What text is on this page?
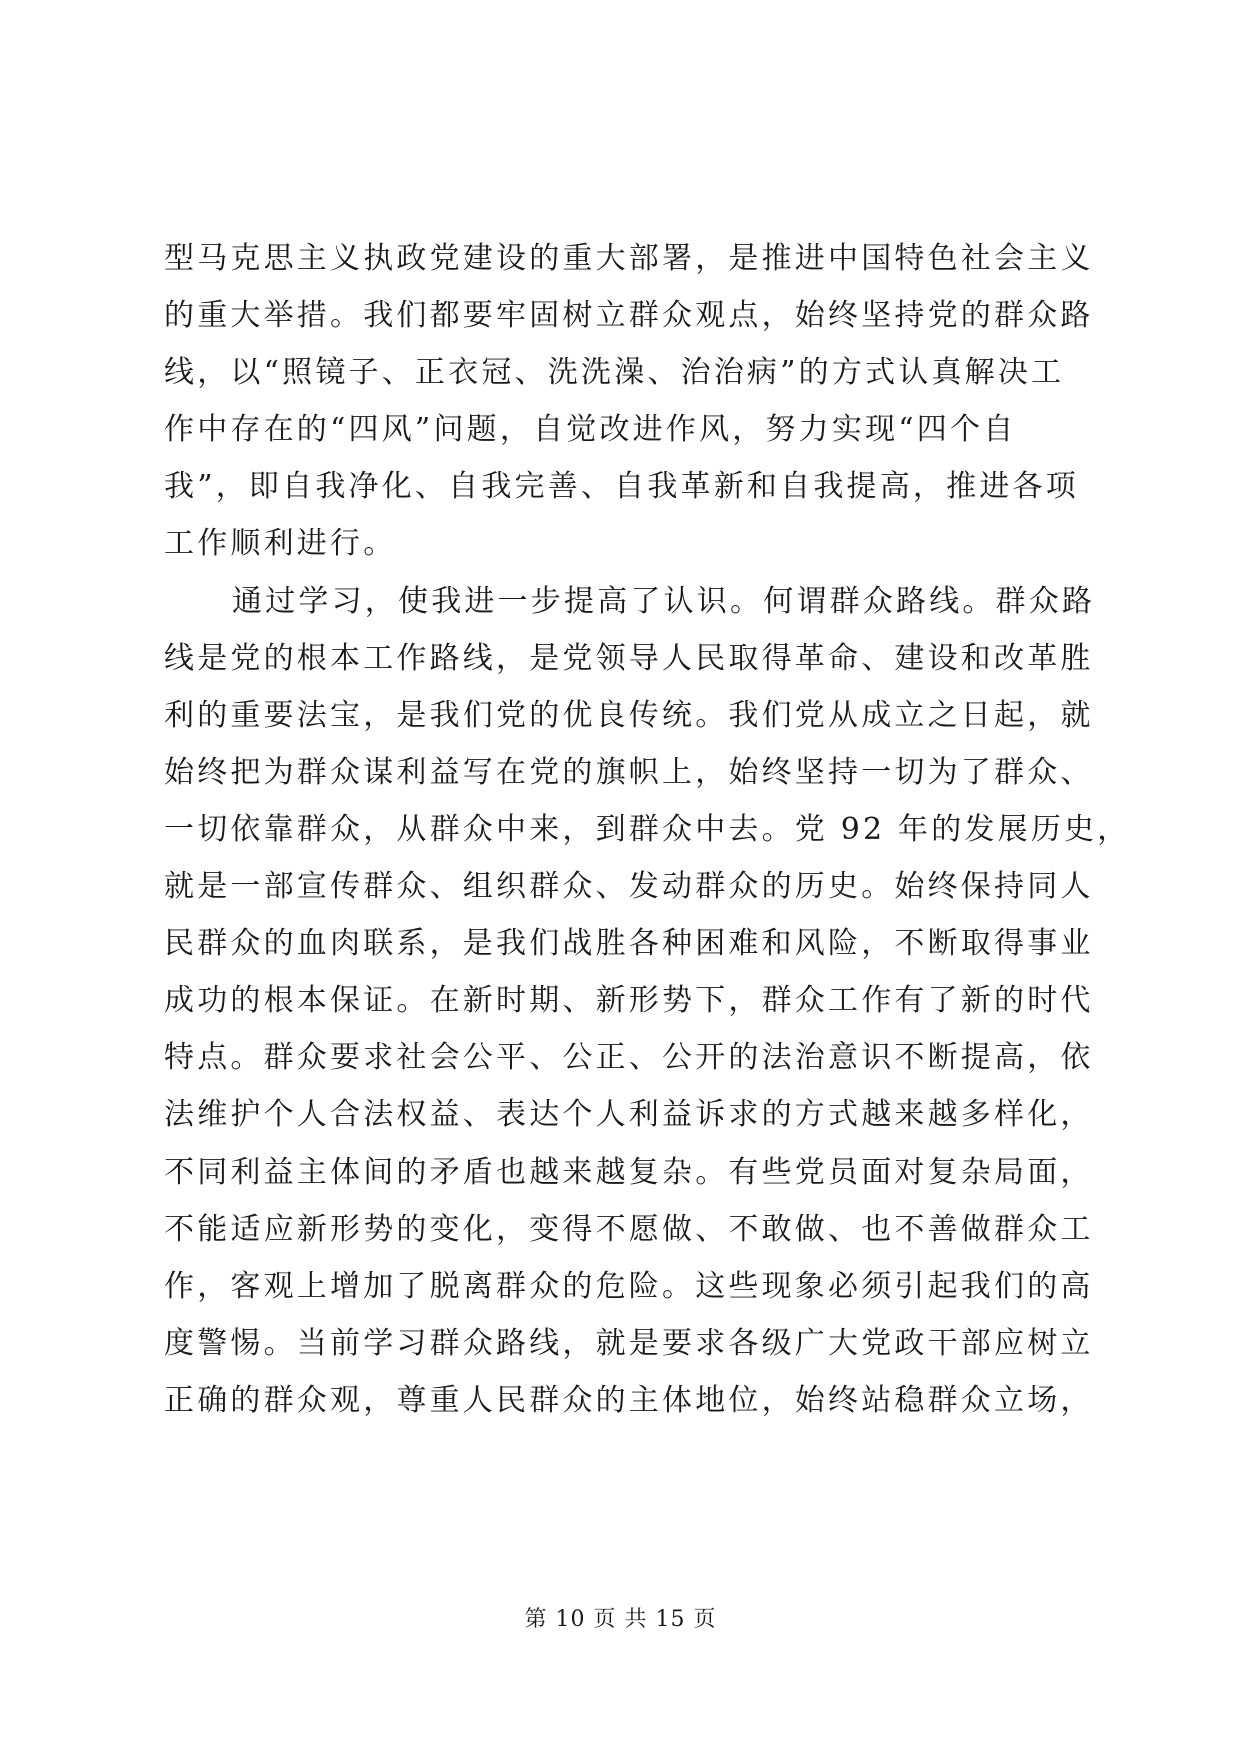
型马克思主义执政党建设的重大部署，是推进中国特色社会主义
的重大举措。我们都要牢固树立群众观点，始终坚持党的群众路
线，以“照镜子、正衣冠、洗洗澡、治治病”的方式认真解决工
作中存在的“四风”问题，自觉改进作风，努力实现“四个自
我”，即自我净化、自我完善、自我革新和自我提高，推进各项
工作顺利进行。
通过学习，使我进一步提高了认识。何谓群众路线。群众路
线是党的根本工作路线，是党领导人民取得革命、建设和改革胜
利的重要法宝，是我们党的优良传统。我们党从成立之日起，就
始终把为群众谋利益写在党的旗帜上，始终坚持一切为了群众、
一切依靠群众，从群众中来，到群众中去。党 92 年的发展历史，
就是一部宣传群众、组织群众、发动群众的历史。始终保持同人
民群众的血肉联系，是我们战胜各种困难和风险，不断取得事业
成功的根本保证。在新时期、新形势下，群众工作有了新的时代
特点。群众要求社会公平、公正、公开的法治意识不断提高，依
法维护个人合法权益、表达个人利益诉求的方式越来越多样化，
不同利益主体间的矛盾也越来越复杂。有些党员面对复杂局面，
不能适应新形势的变化，变得不愿做、不敢做、也不善做群众工
作，客观上增加了脱离群众的危险。这些现象必须引起我们的高
度警惕。当前学习群众路线，就是要求各级广大党政干部应树立
正确的群众观，尊重人民群众的主体地位，始终站稳群众立场，
第 10 页 共 15 页
